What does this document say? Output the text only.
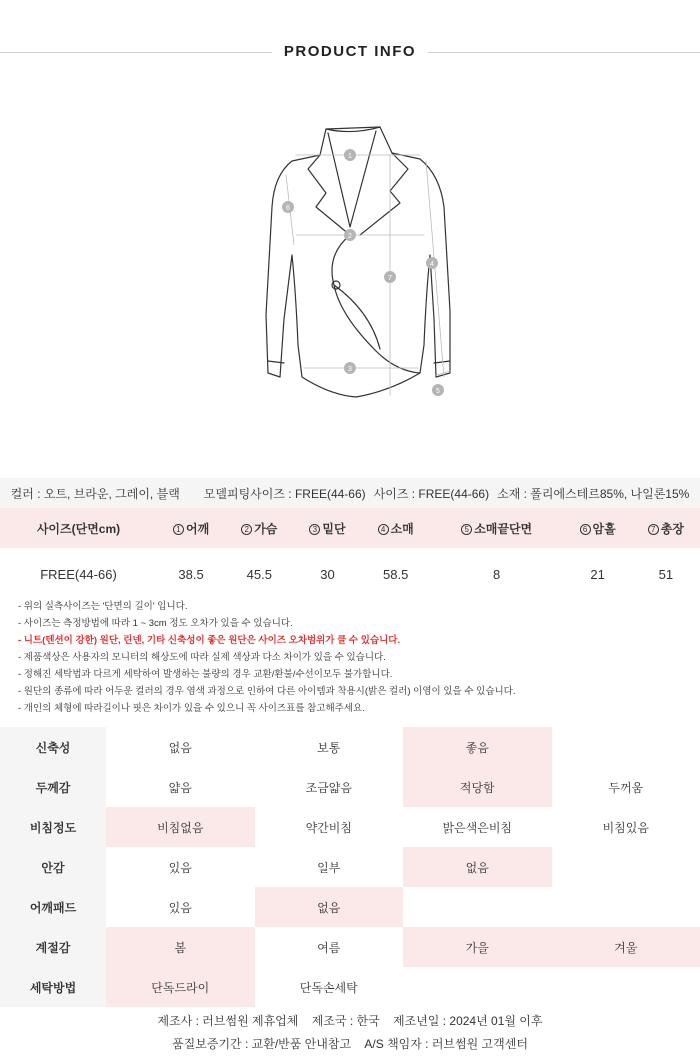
PRODUCT INFO
1
2
3
4
5
6
7
컬러 : 오트, 브라운, 그레이, 블랙 모델피팅사이즈 : FREE(44-66) 사이즈 : FREE(44-66) 소재 : 폴리에스테르85%, 나일론15%
사이즈(단면cm)	1 어깨	2 가슴	3 밑단	4 소매	5 소매끝단면	6 암홀	7 총장
FREE(44-66)	38.5	45.5	30	58.5	8	21	51
- 위의 실측사이즈는 '단면의 길이' 입니다.
- 사이즈는 측정방법에 따라 1 ~ 3cm 정도 오차가 있을 수 있습니다.
- 니트(텐션이 강한) 원단, 린넨, 기타 신축성이 좋은 원단은 사이즈 오차범위가 클 수 있습니다.
- 제품색상은 사용자의 모니터의 해상도에 따라 실제 색상과 다소 차이가 있을 수 있습니다.
- 정해진 세탁법과 다르게 세탁하여 발생하는 불량의 경우 교환/환불/수선이모두 불가합니다.
- 원단의 종류에 따라 어두운 컬러의 경우 염색 과정으로 인하여 다른 아이템과 착용시(밝은 컬러) 이염이 있을 수 있습니다.
- 개인의 체형에 따라길이나 핏은 차이가 있을 수 있으니 꼭 사이즈표를 참고해주세요.
신축성	없음	보통	좋음	
두께감	얇음	조금얇음	적당함	두꺼움
비침정도	비침없음	약간비침	밝은색은비침	비침있음
안감	있음	일부	없음	
어깨패드	있음	없음		
계절감	봄	여름	가을	겨울
세탁방법	단독드라이	단독손세탁		
제조사 : 러브썸원 제휴업체 제조국 : 한국 제조년일 : 2024년 01월 이후
품질보증기간 : 교환/반품 안내참고 A/S 책임자 : 러브썸원 고객센터
